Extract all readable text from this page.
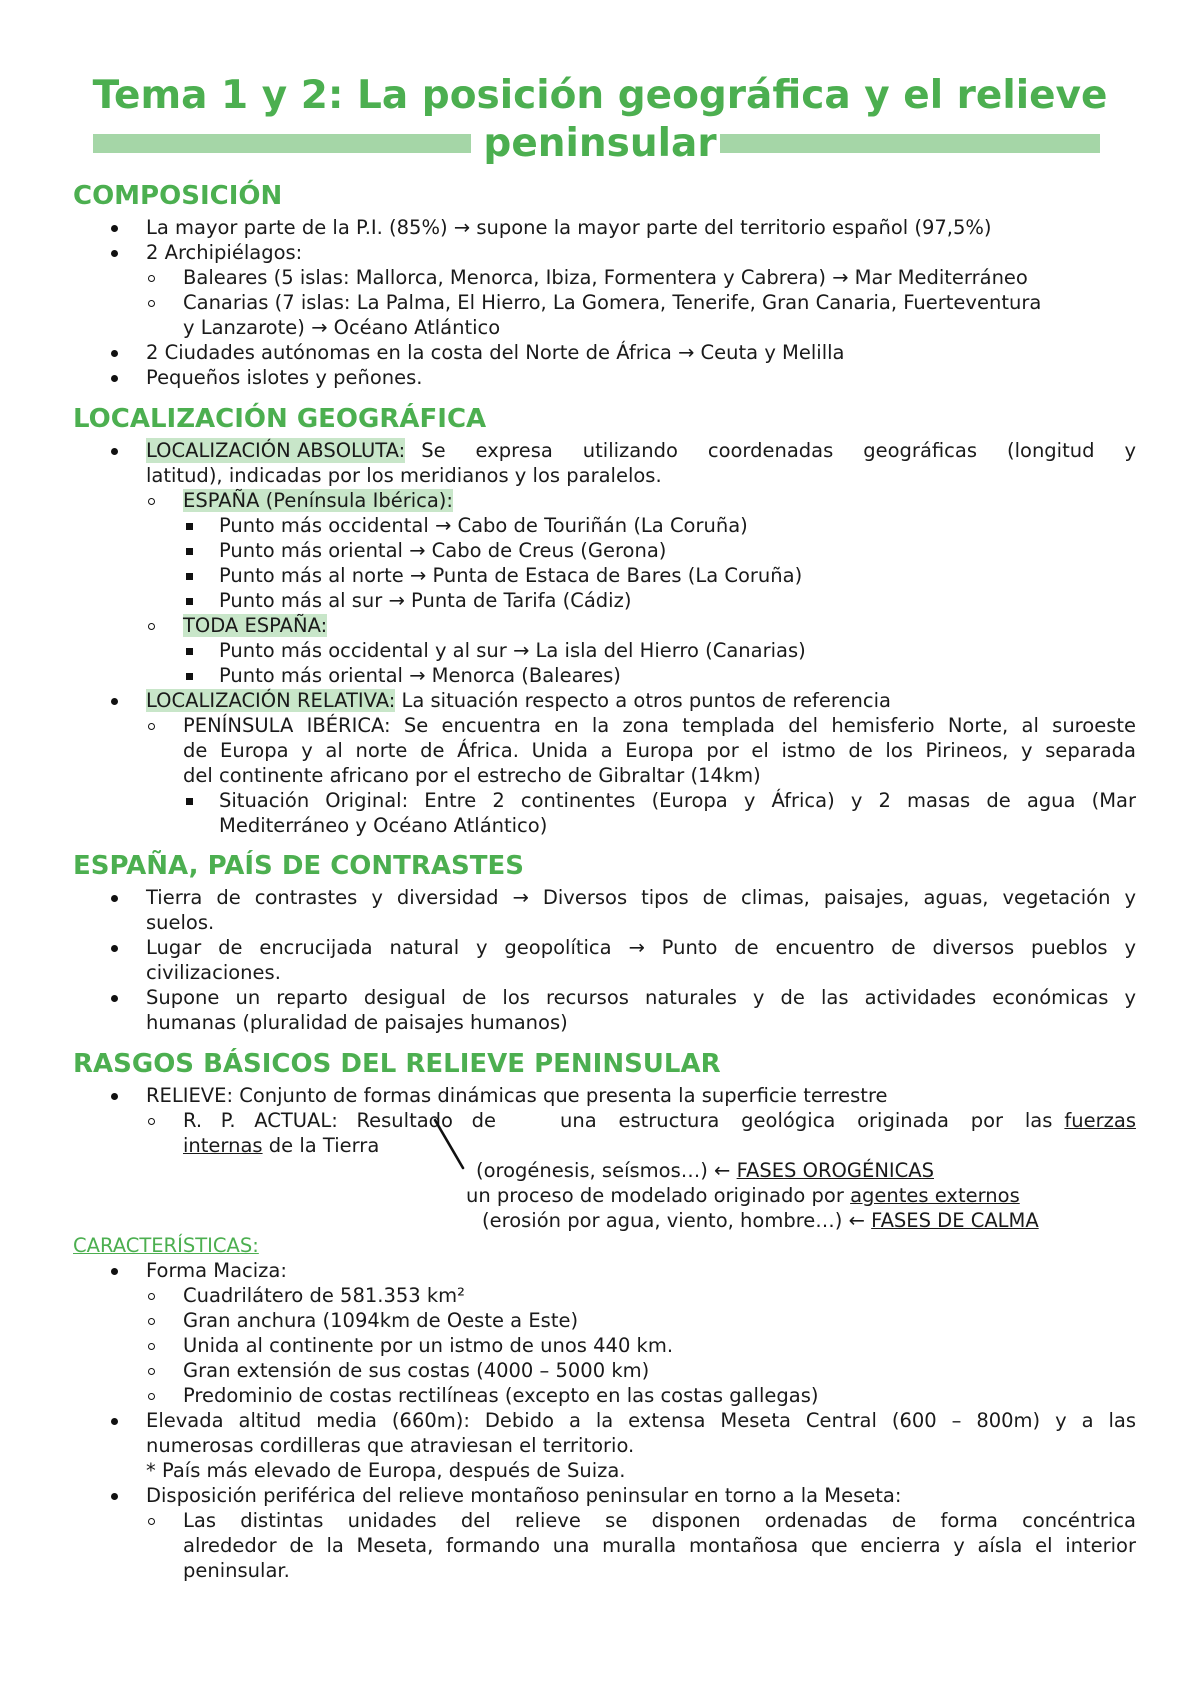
Tema 1 y 2: La posición geográfica y el relieve
peninsular
COMPOSICIÓN
La mayor parte de la P.I. (85%) → supone la mayor parte del territorio español (97,5%)
2 Archipiélagos:
Baleares (5 islas: Mallorca, Menorca, Ibiza, Formentera y Cabrera) → Mar Mediterráneo
Canarias (7 islas: La Palma, El Hierro, La Gomera, Tenerife, Gran Canaria, Fuerteventura
y Lanzarote) → Océano Atlántico
2 Ciudades autónomas en la costa del Norte de África → Ceuta y Melilla
Pequeños islotes y peñones.
LOCALIZACIÓN GEOGRÁFICA
LOCALIZACIÓN ABSOLUTA: Se expresa utilizando coordenadas geográficas (longitud y
latitud), indicadas por los meridianos y los paralelos.
ESPAÑA (Península Ibérica):
Punto más occidental → Cabo de Touriñán (La Coruña)
Punto más oriental → Cabo de Creus (Gerona)
Punto más al norte → Punta de Estaca de Bares (La Coruña)
Punto más al sur → Punta de Tarifa (Cádiz)
TODA ESPAÑA:
Punto más occidental y al sur → La isla del Hierro (Canarias)
Punto más oriental → Menorca (Baleares)
LOCALIZACIÓN RELATIVA: La situación respecto a otros puntos de referencia
PENÍNSULA IBÉRICA: Se encuentra en la zona templada del hemisferio Norte, al suroeste
de Europa y al norte de África. Unida a Europa por el istmo de los Pirineos, y separada
del continente africano por el estrecho de Gibraltar (14km)
Situación Original: Entre 2 continentes (Europa y África) y 2 masas de agua (Mar
Mediterráneo y Océano Atlántico)
ESPAÑA, PAÍS DE CONTRASTES
Tierra de contrastes y diversidad → Diversos tipos de climas, paisajes, aguas, vegetación y
suelos.
Lugar de encrucijada natural y geopolítica → Punto de encuentro de diversos pueblos y
civilizaciones.
Supone un reparto desigual de los recursos naturales y de las actividades económicas y
humanas (pluralidad de paisajes humanos)
RASGOS BÁSICOS DEL RELIEVE PENINSULAR
RELIEVE: Conjunto de formas dinámicas que presenta la superficie terrestre
R. P. ACTUAL: Resultado de	una estructura geológica originada por las fuerzas
internas de la Tierra
(orogénesis, seísmos…) ← FASES OROGÉNICAS
un proceso de modelado originado por agentes externos
(erosión por agua, viento, hombre…) ← FASES DE CALMA
CARACTERÍSTICAS:
Forma Maciza:
Cuadrilátero de 581.353 km²
Gran anchura (1094km de Oeste a Este)
Unida al continente por un istmo de unos 440 km.
Gran extensión de sus costas (4000 – 5000 km)
Predominio de costas rectilíneas (excepto en las costas gallegas)
Elevada altitud media (660m): Debido a la extensa Meseta Central (600 – 800m) y a las
numerosas cordilleras que atraviesan el territorio.
* País más elevado de Europa, después de Suiza.
Disposición periférica del relieve montañoso peninsular en torno a la Meseta:
Las distintas unidades del relieve se disponen ordenadas de forma concéntrica
alrededor de la Meseta, formando una muralla montañosa que encierra y aísla el interior
peninsular.
